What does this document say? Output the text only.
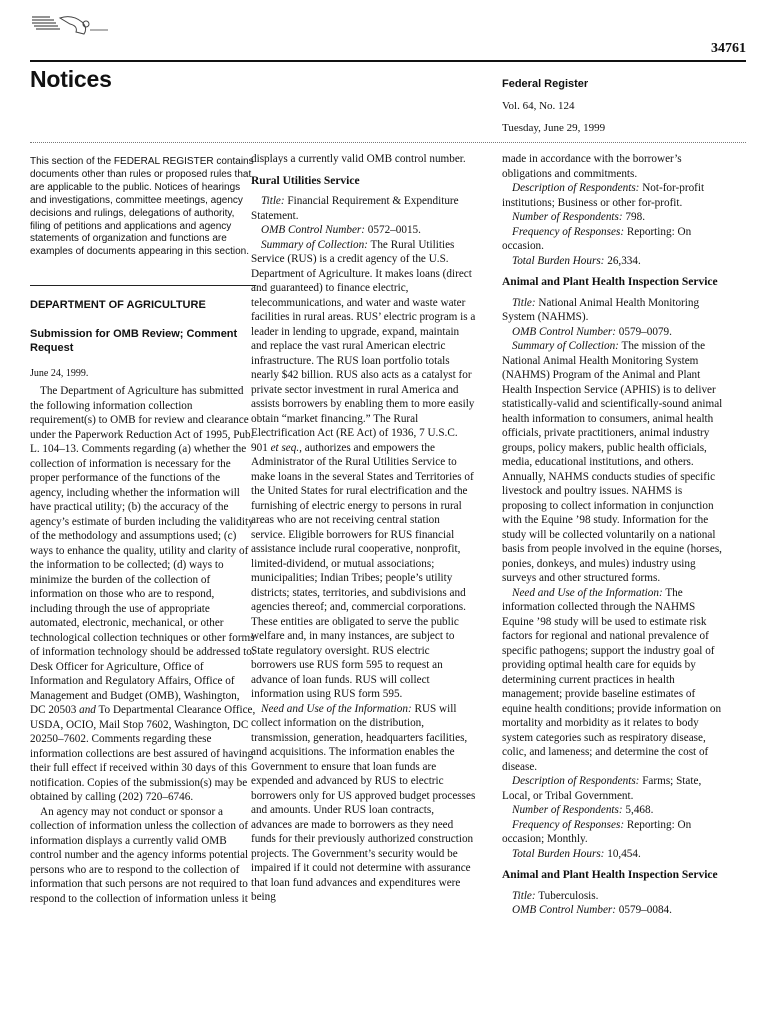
34761
Notices	Federal Register
Vol. 64, No. 124
Tuesday, June 29, 1999

This section of the FEDERAL REGISTER contains documents other than rules or proposed rules that are applicable to the public. Notices of hearings and investigations, committee meetings, agency decisions and rulings, delegations of authority, filing of petitions and applications and agency statements of organization and functions are examples of documents appearing in this section.

DEPARTMENT OF AGRICULTURE
Submission for OMB Review; Comment Request

June 24, 1999.

The Department of Agriculture has submitted the following information collection requirement(s) to OMB for review and clearance under the Paperwork Reduction Act of 1995, Pub. L. 104–13. Comments regarding (a) whether the collection of information is necessary for the proper performance of the functions of the agency, including whether the information will have practical utility; (b) the accuracy of the agency’s estimate of burden including the validity of the methodology and assumptions used; (c) ways to enhance the quality, utility and clarity of the information to be collected; (d) ways to minimize the burden of the collection of information on those who are to respond, including through the use of appropriate automated, electronic, mechanical, or other technological collection techniques or other forms of information technology should be addressed to: Desk Officer for Agriculture, Office of Information and Regulatory Affairs, Office of Management and Budget (OMB), Washington, DC 20503 and To Departmental Clearance Office, USDA, OCIO, Mail Stop 7602, Washington, DC 20250–7602. Comments regarding these information collections are best assured of having their full effect if received within 30 days of this notification. Copies of the submission(s) may be obtained by calling (202) 720–6746.

An agency may not conduct or sponsor a collection of information unless the collection of information displays a currently valid OMB control number and the agency informs potential persons who are to respond to the collection of information that such persons are not required to respond to the collection of information unless it

displays a currently valid OMB control number.

Rural Utilities Service

Title: Financial Requirement & Expenditure Statement.

OMB Control Number: 0572–0015.

Summary of Collection: The Rural Utilities Service (RUS) is a credit agency of the U.S. Department of Agriculture. It makes loans (direct and guaranteed) to finance electric, telecommunications, and water and waste water facilities in rural areas. RUS’ electric program is a leader in lending to upgrade, expand, maintain and replace the vast rural American electric infrastructure. The RUS loan portfolio totals nearly $42 billion. RUS also acts as a catalyst for private sector investment in rural America and assists borrowers by enabling them to more easily obtain “market financing.” The Rural Electrification Act (RE Act) of 1936, 7 U.S.C. 901 et seq., authorizes and empowers the Administrator of the Rural Utilities Service to make loans in the several States and Territories of the United States for rural electrification and the furnishing of electric energy to persons in rural areas who are not receiving central station service. Eligible borrowers for RUS financial assistance include rural cooperative, nonprofit, limited-dividend, or mutual associations; municipalities; Indian Tribes; people’s utility districts; states, territories, and subdivisions and agencies thereof; and, commercial corporations. These entities are obligated to serve the public welfare and, in many instances, are subject to State regulatory oversight. RUS electric borrowers use RUS form 595 to request an advance of loan funds. RUS will collect information using RUS form 595.

Need and Use of the Information: RUS will collect information on the distribution, transmission, generation, headquarters facilities, and acquisitions. The information enables the Government to ensure that loan funds are expended and advanced by RUS to electric borrowers only for US approved budget processes and amounts. Under RUS loan contracts, advances are made to borrowers as they need funds for their previously authorized construction projects. The Government’s security would be impaired if it could not determine with assurance that loan fund advances and expenditures were being

made in accordance with the borrower’s obligations and commitments.

Description of Respondents: Not-for-profit institutions; Business or other for-profit.

Number of Respondents: 798.

Frequency of Responses: Reporting: On occasion.

Total Burden Hours: 26,334.

Animal and Plant Health Inspection Service

Title: National Animal Health Monitoring System (NAHMS).

OMB Control Number: 0579–0079.

Summary of Collection: The mission of the National Animal Health Monitoring System (NAHMS) Program of the Animal and Plant Health Inspection Service (APHIS) is to deliver statistically-valid and scientifically-sound animal health information to consumers, animal health officials, private practitioners, animal industry groups, policy makers, public health officials, media, educational institutions, and others. Annually, NAHMS conducts studies of specific livestock and poultry issues. NAHMS is proposing to collect information in conjunction with the Equine ’98 study. Information for the study will be collected voluntarily on a national basis from people involved in the equine (horses, ponies, donkeys, and mules) industry using surveys and other structured forms.

Need and Use of the Information: The information collected through the NAHMS Equine ’98 study will be used to estimate risk factors for regional and national prevalence of specific pathogens; support the industry goal of providing optimal health care for equids by determining current practices in health management; provide baseline estimates of equine health conditions; provide information on mortality and morbidity as it relates to body system categories such as respiratory disease, colic, and lameness; and determine the cost of disease.

Description of Respondents: Farms; State, Local, or Tribal Government.

Number of Respondents: 5,468.

Frequency of Responses: Reporting: On occasion; Monthly.

Total Burden Hours: 10,454.

Animal and Plant Health Inspection Service

Title: Tuberculosis.

OMB Control Number: 0579–0084.
